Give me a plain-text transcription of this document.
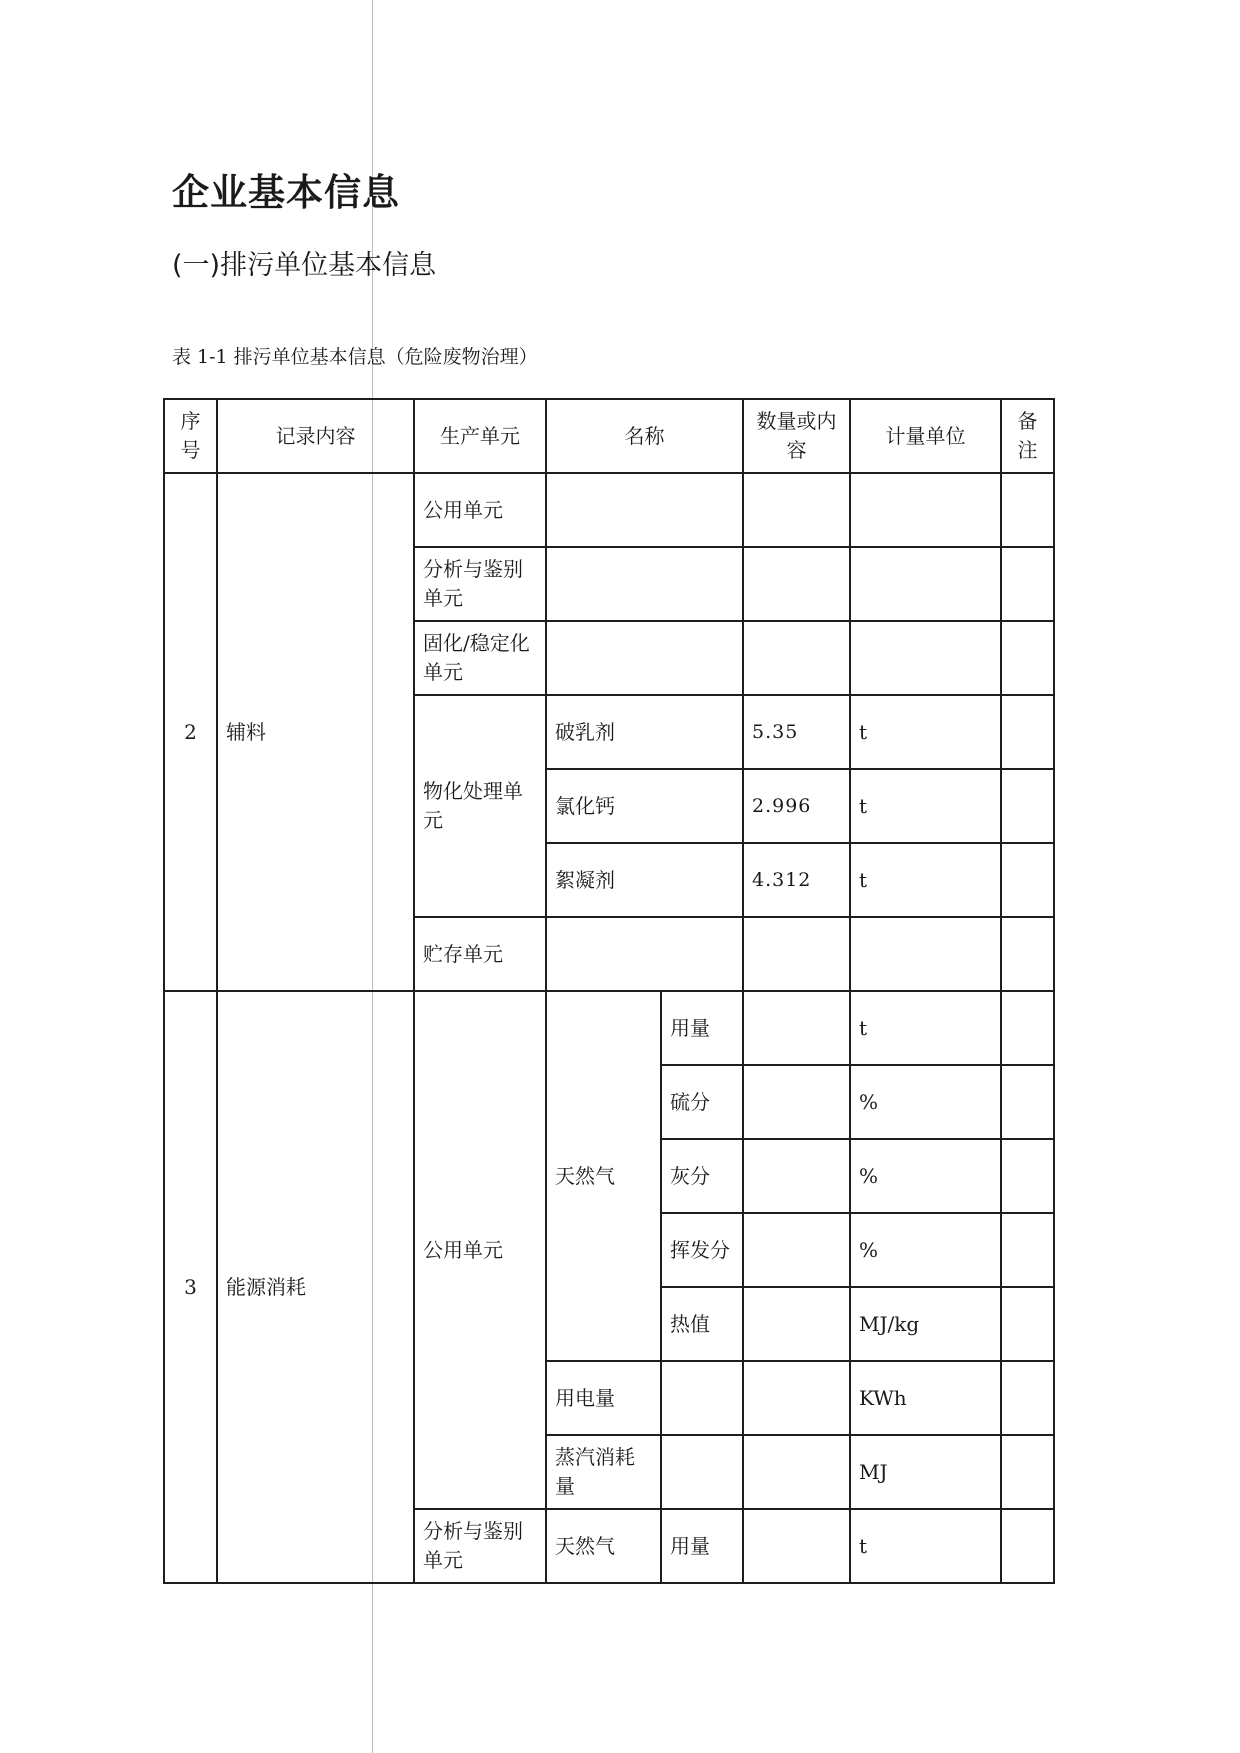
企业基本信息
(一)排污单位基本信息
表 1-1 排污单位基本信息（危险废物治理）
序号	记录内容	生产单元	名称		数量或内容	计量单位	备注
2	辅料	公用单元					
		分析与鉴别单元					
		固化/稳定化单元					
		物化处理单元	破乳剂		5.35	t	
			氯化钙		2.996	t	
			絮凝剂		4.312	t	
		贮存单元					
3	能源消耗	公用单元	天然气	用量		t	
				硫分		%	
				灰分		%	
				挥发分		%	
				热值		MJ/kg	
			用电量			KWh	
			蒸汽消耗量			MJ	
		分析与鉴别单元	天然气	用量		t	
